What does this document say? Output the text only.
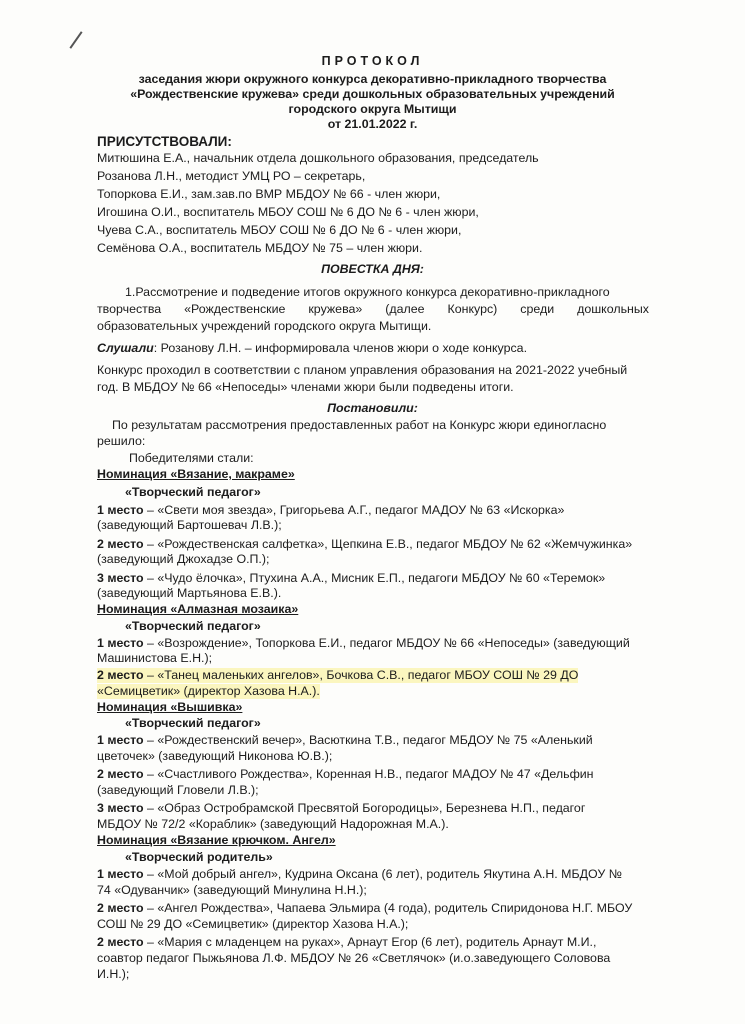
ПРОТОКОЛ
заседания жюри окружного конкурса декоративно-прикладного творчества
«Рождественские кружева» среди дошкольных образовательных учреждений
городского округа Мытищи
от 21.01.2022 г.
ПРИСУТСТВОВАЛИ:
Митюшина Е.А., начальник отдела дошкольного образования, председатель
Розанова Л.Н., методист УМЦ РО – секретарь,
Топоркова Е.И., зам.зав.по ВМР МБДОУ № 66 - член жюри,
Игошина О.И., воспитатель МБОУ СОШ № 6 ДО № 6 - член жюри,
Чуева С.А., воспитатель МБОУ СОШ № 6 ДО № 6 - член жюри,
Семёнова О.А., воспитатель МБДОУ № 75 – член жюри.
ПОВЕСТКА ДНЯ:
1.Рассмотрение и подведение итогов окружного конкурса декоративно-прикладного
творчества «Рождественские кружева» (далее Конкурс) среди дошкольных
образовательных учреждений городского округа Мытищи.
Слушали: Розанову Л.Н. – информировала членов жюри о ходе конкурса.
Конкурс проходил в соответствии с планом управления образования на 2021-2022 учебный
год. В МБДОУ № 66 «Непоседы» членами жюри были подведены итоги.
Постановили:
По результатам рассмотрения предоставленных работ на Конкурс жюри единогласно
решило:
Победителями стали:
Номинация «Вязание, макраме»
«Творческий педагог»
1 место – «Свети моя звезда», Григорьева А.Г., педагог МАДОУ № 63 «Искорка»
(заведующий Бартошевач Л.В.);
2 место – «Рождественская салфетка», Щепкина Е.В., педагог МБДОУ № 62 «Жемчужинка»
(заведующий Джохадзе О.П.);
3 место – «Чудо ёлочка», Птухина А.А., Мисник Е.П., педагоги МБДОУ № 60 «Теремок»
(заведующий Мартьянова Е.В.).
Номинация «Алмазная мозаика»
«Творческий педагог»
1 место – «Возрождение», Топоркова Е.И., педагог МБДОУ № 66 «Непоседы» (заведующий
Машинистова Е.Н.);
2 место – «Танец маленьких ангелов», Бочкова С.В., педагог МБОУ СОШ № 29 ДО
«Семицветик» (директор Хазова Н.А.).
Номинация «Вышивка»
«Творческий педагог»
1 место – «Рождественский вечер», Васюткина Т.В., педагог МБДОУ № 75 «Аленький
цветочек» (заведующий Никонова Ю.В.);
2 место – «Счастливого Рождества», Коренная Н.В., педагог МАДОУ № 47 «Дельфин
(заведующий Гловели Л.В.);
3 место – «Образ Остробрамской Пресвятой Богородицы», Березнева Н.П., педагог
МБДОУ № 72/2 «Кораблик» (заведующий Надорожная М.А.).
Номинация «Вязание крючком. Ангел»
«Творческий родитель»
1 место – «Мой добрый ангел», Кудрина Оксана (6 лет), родитель Якутина А.Н. МБДОУ №
74 «Одуванчик» (заведующий Минулина Н.Н.);
2 место – «Ангел Рождества», Чапаева Эльмира (4 года), родитель Спиридонова Н.Г. МБОУ
СОШ № 29 ДО «Семицветик» (директор Хазова Н.А.);
2 место – «Мария с младенцем на руках», Арнаут Егор (6 лет), родитель Арнаут М.И.,
соавтор педагог Пыжьянова Л.Ф. МБДОУ № 26 «Светлячок» (и.о.заведующего Соловова
И.Н.);
